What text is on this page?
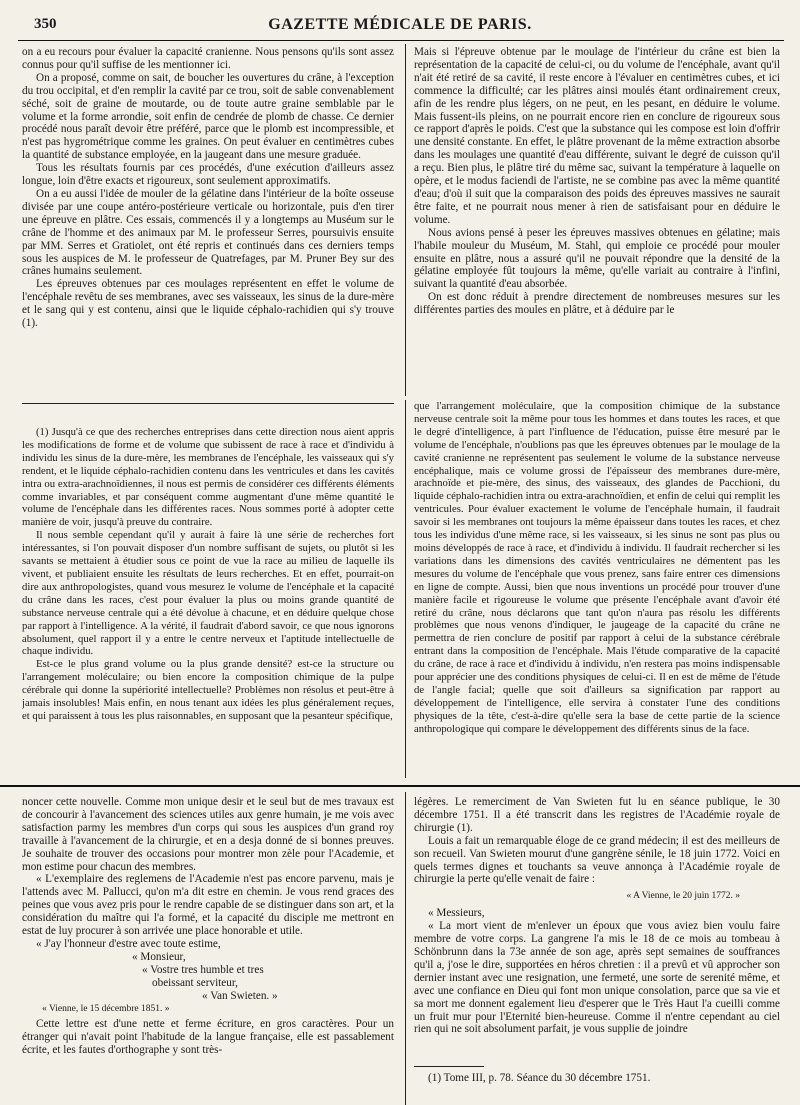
350	GAZETTE MÉDICALE DE PARIS.

on a eu recours pour évaluer la capacité cranienne. Nous pensons qu'ils sont assez connus pour qu'il suffise de les mentionner ici.

On a proposé, comme on sait, de boucher les ouvertures du crâne, à l'exception du trou occipital, et d'en remplir la cavité par ce trou, soit de sable convenablement séché, soit de graine de moutarde, ou de toute autre graine semblable par le volume et la forme arrondie, soit enfin de cendrée de plomb de chasse. Ce dernier procédé nous paraît devoir être préféré, parce que le plomb est incompressible, et n'est pas hygrométrique comme les graines. On peut évaluer en centimètres cubes la quantité de substance employée, en la jaugeant dans une mesure graduée.

Tous les résultats fournis par ces procédés, d'une exécution d'ailleurs assez longue, loin d'être exacts et rigoureux, sont seulement approximatifs.

On a eu aussi l'idée de mouler de la gélatine dans l'intérieur de la boîte osseuse divisée par une coupe antéro-postérieure verticale ou horizontale, puis d'en tirer une épreuve en plâtre. Ces essais, commencés il y a longtemps au Muséum sur le crâne de l'homme et des animaux par M. le professeur Serres, poursuivis ensuite par MM. Serres et Gratiolet, ont été repris et continués dans ces derniers temps sous les auspices de M. le professeur de Quatrefages, par M. Pruner Bey sur des crânes humains seulement.

Les épreuves obtenues par ces moulages représentent en effet le volume de l'encéphale revêtu de ses membranes, avec ses vaisseaux, les sinus de la dure-mère et le sang qui y est contenu, ainsi que le liquide céphalo-rachidien qui s'y trouve (1).

Mais si l'épreuve obtenue par le moulage de l'intérieur du crâne est bien la représentation de la capacité de celui-ci, ou du volume de l'encéphale, avant qu'il n'ait été retiré de sa cavité, il reste encore à l'évaluer en centimètres cubes, et ici commence la difficulté; car les plâtres ainsi moulés étant ordinairement creux, afin de les rendre plus légers, on ne peut, en les pesant, en déduire le volume. Mais fussent-ils pleins, on ne pourrait encore rien en conclure de rigoureux sous ce rapport d'après le poids. C'est que la substance qui les compose est loin d'offrir une densité constante. En effet, le plâtre provenant de la même extraction absorbe dans les moulages une quantité d'eau différente, suivant le degré de cuisson qu'il a reçu. Bien plus, le plâtre tiré du même sac, suivant la température à laquelle on opère, et le modus faciendi de l'artiste, ne se combine pas avec la même quantité d'eau; d'où il suit que la comparaison des poids des épreuves massives ne saurait être faite, et ne pourrait nous mener à rien de satisfaisant pour en déduire le volume.

Nous avions pensé à peser les épreuves massives obtenues en gélatine; mais l'habile mouleur du Muséum, M. Stahl, qui emploie ce procédé pour mouler ensuite en plâtre, nous a assuré qu'il ne pouvait répondre que la densité de la gélatine employée fût toujours la même, qu'elle variait au contraire à l'infini, suivant la quantité d'eau absorbée.

On est donc réduit à prendre directement de nombreuses mesures sur les différentes parties des moules en plâtre, et à déduire par le

(1) Jusqu'à ce que des recherches entreprises dans cette direction nous aient appris les modifications de forme et de volume que subissent de race à race et d'individu à individu les sinus de la dure-mère, les membranes de l'encéphale, les vaisseaux qui s'y rendent, et le liquide céphalo-rachidien contenu dans les ventricules et dans les cavités intra ou extra-arachnoïdiennes, il nous est permis de considérer ces différents éléments comme invariables, et par conséquent comme augmentant d'une même quantité le volume de l'encéphale dans les différentes races. Nous sommes porté à adopter cette manière de voir, jusqu'à preuve du contraire.

Il nous semble cependant qu'il y aurait à faire là une série de recherches fort intéressantes, si l'on pouvait disposer d'un nombre suffisant de sujets, ou plutôt si les savants se mettaient à étudier sous ce point de vue la race au milieu de laquelle ils vivent, et publiaient ensuite les résultats de leurs recherches. Et en effet, pourrait-on dire aux anthropologistes, quand vous mesurez le volume de l'encéphale et la capacité du crâne dans les races, c'est pour évaluer la plus ou moins grande quantité de substance nerveuse centrale qui a été dévolue à chacune, et en déduire quelque chose par rapport à l'intelligence. A la vérité, il faudrait d'abord savoir, ce que nous ignorons absolument, quel rapport il y a entre le centre nerveux et l'aptitude intellectuelle de chaque individu.

Est-ce le plus grand volume ou la plus grande densité? est-ce la structure ou l'arrangement moléculaire; ou bien encore la composition chimique de la pulpe cérébrale qui donne la supériorité intellectuelle? Problèmes non résolus et peut-être à jamais insolubles! Mais enfin, en nous tenant aux idées les plus généralement reçues, et qui paraissent à tous les plus raisonnables, en supposant que la pesanteur spécifique,

que l'arrangement moléculaire, que la composition chimique de la substance nerveuse centrale soit la même pour tous les hommes et dans toutes les races, et que le degré d'intelligence, à part l'influence de l'éducation, puisse être mesuré par le volume de l'encéphale, n'oublions pas que les épreuves obtenues par le moulage de la cavité cranienne ne représentent pas seulement le volume de la substance nerveuse encéphalique, mais ce volume grossi de l'épaisseur des membranes dure-mère, arachnoïde et pie-mère, des sinus, des vaisseaux, des glandes de Pacchioni, du liquide céphalo-rachidien intra ou extra-arachnoïdien, et enfin de celui qui remplit les ventricules. Pour évaluer exactement le volume de l'encéphale humain, il faudrait savoir si les membranes ont toujours la même épaisseur dans toutes les races, et chez tous les individus d'une même race, si les vaisseaux, si les sinus ne sont pas plus ou moins développés de race à race, et d'individu à individu. Il faudrait rechercher si les variations dans les dimensions des cavités ventriculaires ne démentent pas les mesures du volume de l'encéphale que vous prenez, sans faire entrer ces dimensions en ligne de compte. Aussi, bien que nous inventions un procédé pour trouver d'une manière facile et rigoureuse le volume que présente l'encéphale avant d'avoir été retiré du crâne, nous déclarons que tant qu'on n'aura pas résolu les différents problèmes que nous venons d'indiquer, le jaugeage de la capacité du crâne ne permettra de rien conclure de positif par rapport à celui de la substance cérébrale entrant dans la composition de l'encéphale. Mais l'étude comparative de la capacité du crâne, de race à race et d'individu à individu, n'en restera pas moins indispensable pour apprécier une des conditions physiques de celui-ci. Il en est de même de l'étude de l'angle facial; quelle que soit d'ailleurs sa signification par rapport au développement de l'intelligence, elle servira à constater l'une des conditions physiques de la tête, c'est-à-dire qu'elle sera la base de cette partie de la science anthropologique qui compare le développement des différents sinus de la face.

noncer cette nouvelle. Comme mon unique desir et le seul but de mes travaux est de concourir à l'avancement des sciences utiles aux genre humain, je me vois avec satisfaction parmy les membres d'un corps qui sous les auspices d'un grand roy travaille à l'avancement de la chirurgie, et en a desja donné de si bonnes preuves. Je souhaite de trouver des occasions pour montrer mon zèle pour l'Academie, et mon estime pour chacun des membres.

« L'exemplaire des reglemens de l'Academie n'est pas encore parvenu, mais je l'attends avec M. Pallucci, qu'on m'a dit estre en chemin. Je vous rend graces des peines que vous avez pris pour le rendre capable de se distinguer dans son art, et la considération du maître qui l'a formé, et la capacité du disciple me mettront en estat de luy procurer à son arrivée une place honorable et utile.

« J'ay l'honneur d'estre avec toute estime,

« Monsieur,

« Vostre tres humble et tres

obeissant serviteur,

« Van Swieten. »

« Vienne, le 15 décembre 1851. »

Cette lettre est d'une nette et ferme écriture, en gros caractères. Pour un étranger qui n'avait point l'habitude de la langue française, elle est passablement écrite, et les fautes d'orthographe y sont très-

légères. Le remerciment de Van Swieten fut lu en séance publique, le 30 décembre 1751. Il a été transcrit dans les registres de l'Académie royale de chirurgie (1).

Louis a fait un remarquable éloge de ce grand médecin; il est des meilleurs de son recueil. Van Swieten mourut d'une gangrène sénile, le 18 juin 1772. Voici en quels termes dignes et touchants sa veuve annonça à l'Académie royale de chirurgie la perte qu'elle venait de faire :

« A Vienne, le 20 juin 1772. »

« Messieurs,

« La mort vient de m'enlever un époux que vous aviez bien voulu faire membre de votre corps. La gangrene l'a mis le 18 de ce mois au tombeau à Schönbrunn dans la 73e année de son age, après sept semaines de souffrances qu'il a, j'ose le dire, supportées en héros chretien : il a prevû et vû approcher son dernier instant avec une resignation, une fermeté, une sorte de serenité même, et avec une confiance en Dieu qui font mon unique consolation, parce que sa vie et sa mort me donnent egalement lieu d'esperer que le Très Haut l'a cueilli comme un fruit mur pour l'Eternité bien-heureuse. Comme il n'entre cependant au ciel rien qui ne soit absolument parfait, je vous supplie de joindre

(1) Tome III, p. 78. Séance du 30 décembre 1751.
